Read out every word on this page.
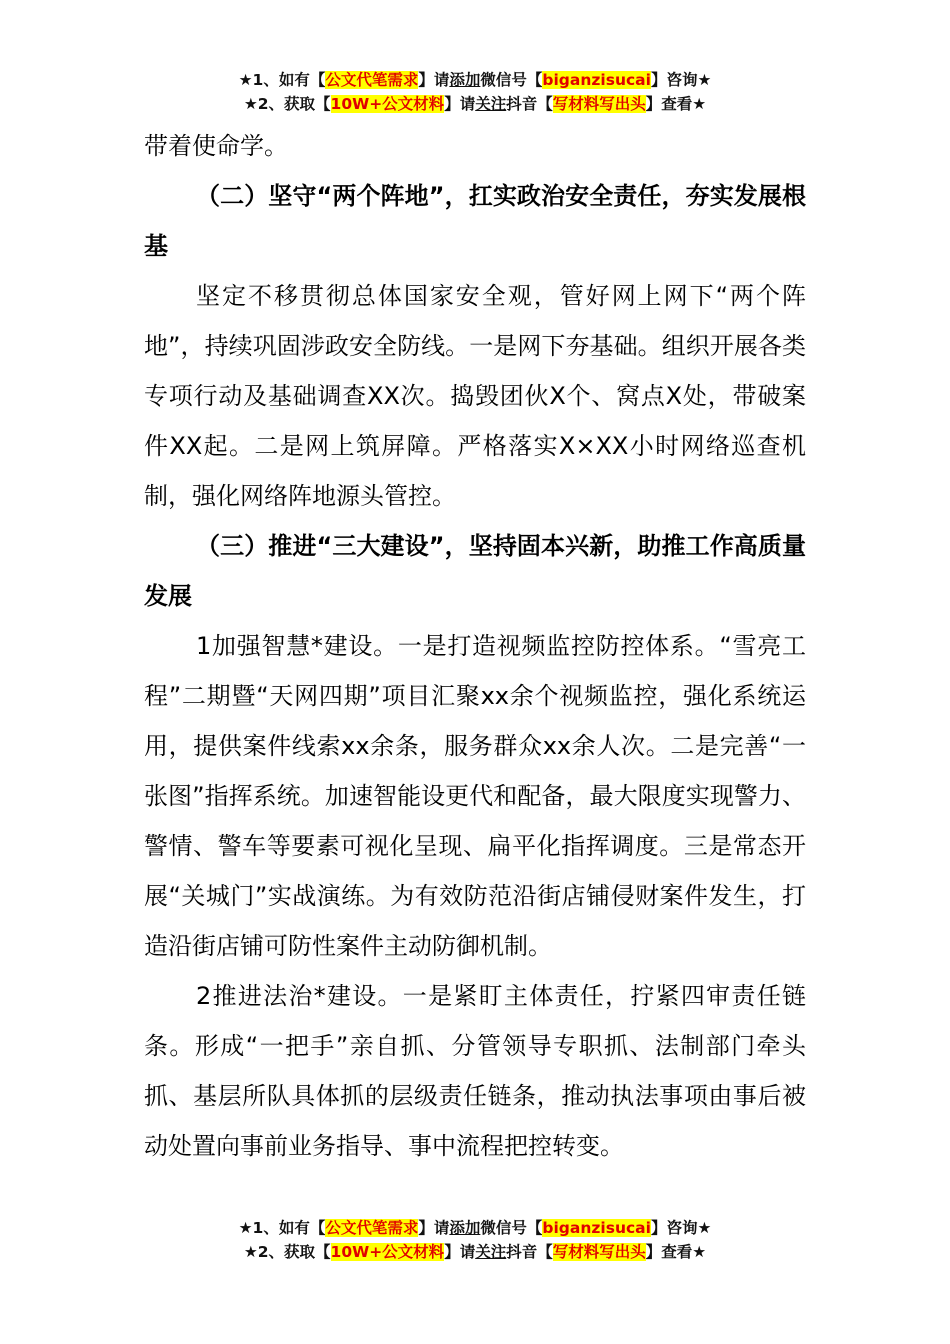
★1、如有【公文代笔需求】请添加微信号【biganzisucai】咨询★
★2、获取【10W+公文材料】请关注抖音【写材料写出头】查看★

带着使命学。

（二）坚守“两个阵地”，扛实政治安全责任，夯实发展根基

坚定不移贯彻总体国家安全观，管好网上网下“两个阵地”，持续巩固涉政安全防线。一是网下夯基础。组织开展各类专项行动及基础调查XX次。捣毁团伙X个、窝点X处，带破案件XX起。二是网上筑屏障。严格落实X×XX小时网络巡查机制，强化网络阵地源头管控。

（三）推进“三大建设”，坚持固本兴新，助推工作高质量发展

1加强智慧*建设。一是打造视频监控防控体系。“雪亮工程”二期暨“天网四期”项目汇聚xx余个视频监控，强化系统运用，提供案件线索xx余条，服务群众xx余人次。二是完善“一张图”指挥系统。加速智能设更代和配备，最大限度实现警力、警情、警车等要素可视化呈现、扁平化指挥调度。三是常态开展“关城门”实战演练。为有效防范沿街店铺侵财案件发生，打造沿街店铺可防性案件主动防御机制。

2推进法治*建设。一是紧盯主体责任，拧紧四审责任链条。形成“一把手”亲自抓、分管领导专职抓、法制部门牵头抓、基层所队具体抓的层级责任链条，推动执法事项由事后被动处置向事前业务指导、事中流程把控转变。

★1、如有【公文代笔需求】请添加微信号【biganzisucai】咨询★
★2、获取【10W+公文材料】请关注抖音【写材料写出头】查看★
